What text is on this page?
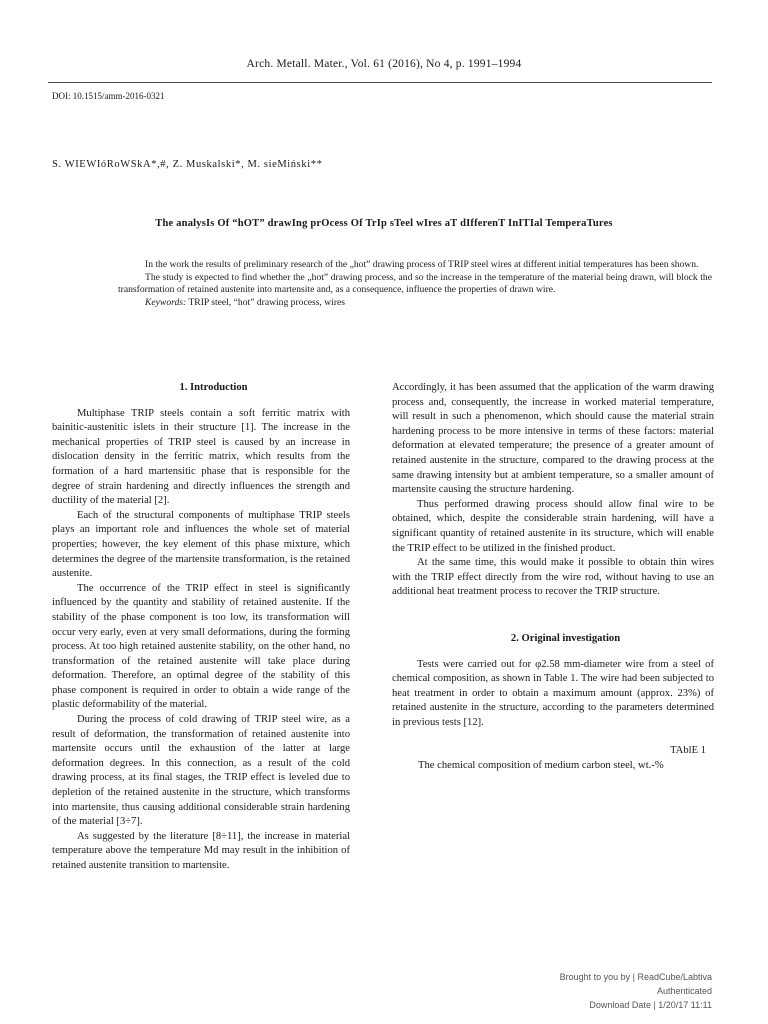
Arch. Metall. Mater., Vol. 61 (2016), No 4, p. 1991–1994
DOI: 10.1515/amm-2016-0321
S. WIEWIóRoWSkA*,#, Z. Muskalski*, M. sieMiński**
The analysIs Of “hOT” drawIng prOcess Of TrIp sTeel wIres aT dIfferenT InITIal TemperaTures

In the work the results of preliminary research of the „hot” drawing process of TRIP steel wires at different initial temperatures has been shown.

The study is expected to find whether the „hot” drawing process, and so the increase in the temperature of the material being drawn, will block the transformation of retained austenite into martensite and, as a consequence, influence the properties of drawn wire.

Keywords: TRIP steel, “hot” drawing process, wires

1. Introduction

Multiphase TRIP steels contain a soft ferritic matrix with bainitic-austenitic islets in their structure [1]. The increase in the mechanical properties of TRIP steel is caused by an increase in dislocation density in the ferritic matrix, which results from the formation of a hard martensitic phase that is responsible for the degree of strain hardening and directly influences the strength and ductility of the material [2].

Each of the structural components of multiphase TRIP steels plays an important role and influences the whole set of material properties; however, the key element of this phase mixture, which determines the degree of the martensite transformation, is the retained austenite.

The occurrence of the TRIP effect in steel is significantly influenced by the quantity and stability of retained austenite. If the stability of the phase component is too low, its transformation will occur very early, even at very small deformations, during the forming process. At too high retained austenite stability, on the other hand, no transformation of the retained austenite will take place during deformation. Therefore, an optimal degree of the stability of this phase component is required in order to obtain a wide range of the plastic deformability of the material.

During the process of cold drawing of TRIP steel wire, as a result of deformation, the transformation of retained austenite into martensite occurs until the exhaustion of the latter at large deformation degrees. In this connection, as a result of the cold drawing process, at its final stages, the TRIP effect is leveled due to depletion of the retained austenite in the structure, which transforms into martensite, thus causing additional considerable strain hardening of the material [3÷7].

As suggested by the literature [8÷11], the increase in material temperature above the temperature Md may result in the inhibition of retained austenite transition to martensite.

Accordingly, it has been assumed that the application of the warm drawing process and, consequently, the increase in worked material temperature, will result in such a phenomenon, which should cause the material strain hardening process to be more intensive in terms of these factors: material deformation at elevated temperature; the presence of a greater amount of retained austenite in the structure, compared to the drawing process at the same drawing intensity but at ambient temperature, so a smaller amount of martensite causing the structure hardening.

Thus performed drawing process should allow final wire to be obtained, which, despite the considerable strain hardening, will have a significant quantity of retained austenite in its structure, which will enable the TRIP effect to be utilized in the finished product.

At the same time, this would make it possible to obtain thin wires with the TRIP effect directly from the wire rod, without having to use an additional heat treatment process to recover the TRIP structure.

2. Original investigation

Tests were carried out for φ2.58 mm-diameter wire from a steel of chemical composition, as shown in Table 1. The wire had been subjected to heat treatment in order to obtain a maximum amount (approx. 23%) of retained austenite in the structure, according to the parameters determined in previous tests [12].

TAblE 1
The chemical composition of medium carbon steel, wt.-%
Brought to you by | ReadCube/Labtiva
Authenticated
Download Date | 1/20/17 11:11
